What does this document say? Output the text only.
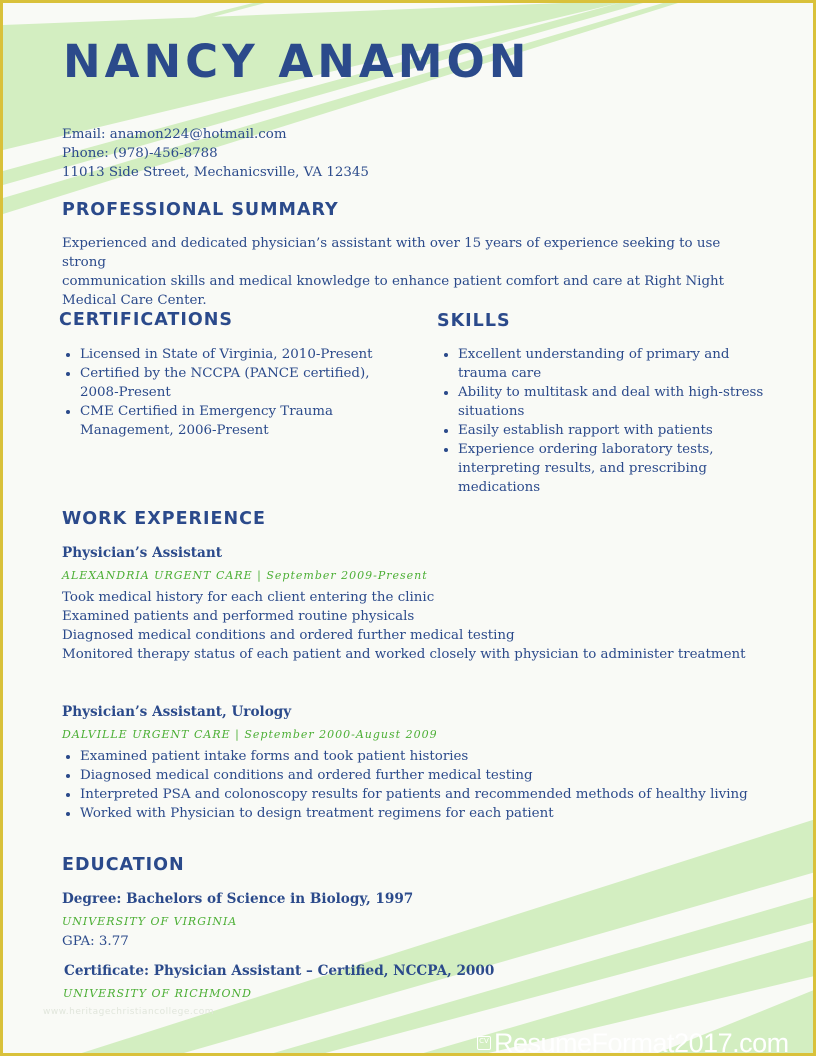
NANCY ANAMON
Email: anamon224@hotmail.com
Phone: (978)-456-8788
11013 Side Street, Mechanicsville, VA 12345
PROFESSIONAL SUMMARY
Experienced and dedicated physician’s assistant with over 15 years of experience seeking to use strong
communication skills and medical knowledge to enhance patient comfort and care at Right Night
Medical Care Center.
CERTIFICATIONS
• Licensed in State of Virginia, 2010-Present
• Certified by the NCCPA (PANCE certified), 2008-Present
• CME Certified in Emergency Trauma Management, 2006-Present
SKILLS
• Excellent understanding of primary and trauma care
• Ability to multitask and deal with high-stress situations
• Easily establish rapport with patients
• Experience ordering laboratory tests, interpreting results, and prescribing medications
WORK EXPERIENCE
Physician’s Assistant

ALEXANDRIA URGENT CARE | September 2009-Present

Took medical history for each client entering the clinic
Examined patients and performed routine physicals
Diagnosed medical conditions and ordered further medical testing
Monitored therapy status of each patient and worked closely with physician to administer treatment
Physician’s Assistant, Urology

DALVILLE URGENT CARE | September 2000-August 2009

• Examined patient intake forms and took patient histories
• Diagnosed medical conditions and ordered further medical testing
• Interpreted PSA and colonoscopy results for patients and recommended methods of healthy living
• Worked with Physician to design treatment regimens for each patient
EDUCATION
Degree: Bachelors of Science in Biology, 1997

UNIVERSITY OF VIRGINIA

GPA: 3.77

Certificate: Physician Assistant – Certified, NCCPA, 2000

UNIVERSITY OF RICHMOND

www.heritagechristiancollege.com
CV ResumeFormat2017.com
